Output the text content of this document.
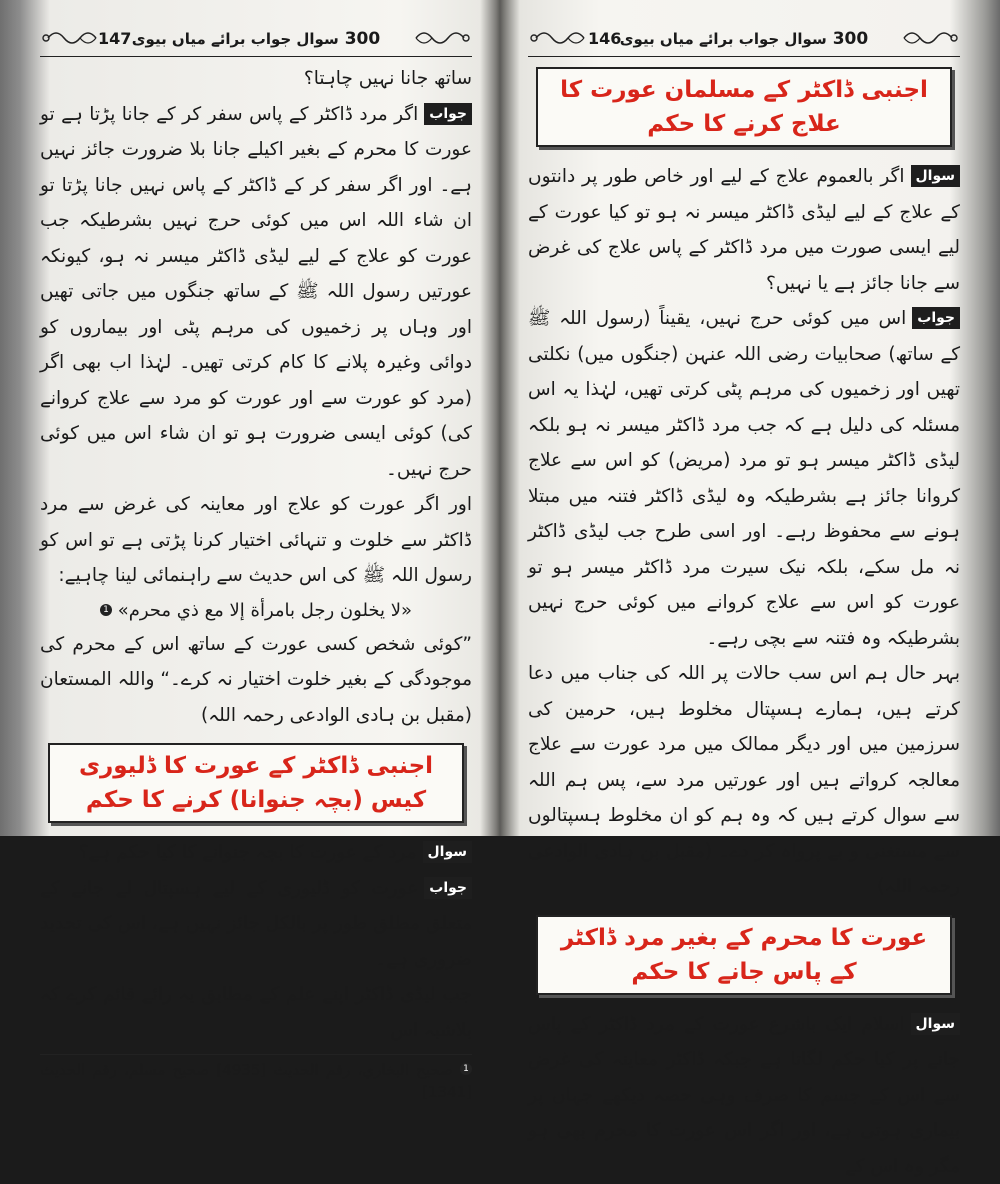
300
سوال جواب برائے میاں بیوی
147

ساتھ جانا نہیں چاہتا؟

جواباگر مرد ڈاکٹر کے پاس سفر کر کے جانا پڑتا ہے تو عورت کا محرم کے بغیر اکیلے جانا بلا ضرورت جائز نہیں ہے۔ اور اگر سفر کر کے ڈاکٹر کے پاس نہیں جانا پڑتا تو ان شاء اللہ اس میں کوئی حرج نہیں بشرطیکہ جب عورت کو علاج کے لیے لیڈی ڈاکٹر میسر نہ ہو، کیونکہ عورتیں رسول اللہ ﷺ کے ساتھ جنگوں میں جاتی تھیں اور وہاں پر زخمیوں کی مرہم پٹی اور بیماروں کو دوائی وغیرہ پلانے کا کام کرتی تھیں۔ لہٰذا اب بھی اگر (مرد کو عورت سے اور عورت کو مرد سے علاج کروانے کی) کوئی ایسی ضرورت ہو تو ان شاء اس میں کوئی حرج نہیں۔

اور اگر عورت کو علاج اور معاینہ کی غرض سے مرد ڈاکٹر سے خلوت و تنہائی اختیار کرنا پڑتی ہے تو اس کو رسول اللہ ﷺ کی اس حدیث سے راہنمائی لینا چاہیے:

«لا يخلون رجل بامرأة إلا مع ذي محرم» 1

”کوئی شخص کسی عورت کے ساتھ اس کے محرم کی موجودگی کے بغیر خلوت اختیار نہ کرے۔“ واللہ المستعان (مقبل بن ہادی الوادعی رحمہ اللہ)

اجنبی ڈاکٹر کے عورت کا ڈلیوری کیس (بچہ جنوانا) کرنے کا حکم

سوالمرد کے عورت کا بچہ جنوانے کا کیا حکم ہے؟

جوابعورت کو ڈلیوری کے لیے ہسپتال لے جانے کے متعلق مطلق طور پر بالکل جائز نہیں ہے، اس کی تحدید ضروری ہے۔

جب لیڈی ڈاکٹر اپنے علم کے مطابق یہ رائے قائم کرے کہ بلاشبہ اس

1 صحيح البخاري، رقم الحديث [4935] صحيح مسلم، رقم الحديث [1341]
300
سوال جواب برائے میاں بیوی
146
اجنبی ڈاکٹر کے مسلمان عورت کا علاج کرنے کا حکم

سوالاگر بالعموم علاج کے لیے اور خاص طور پر دانتوں کے علاج کے لیے لیڈی ڈاکٹر میسر نہ ہو تو کیا عورت کے لیے ایسی صورت میں مرد ڈاکٹر کے پاس علاج کی غرض سے جانا جائز ہے یا نہیں؟

جواباس میں کوئی حرج نہیں، یقیناً (رسول اللہ ﷺ کے ساتھ) صحابیات رضی اللہ عنہن (جنگوں میں) نکلتی تھیں اور زخمیوں کی مرہم پٹی کرتی تھیں، لہٰذا یہ اس مسئلہ کی دلیل ہے کہ جب مرد ڈاکٹر میسر نہ ہو بلکہ لیڈی ڈاکٹر میسر ہو تو مرد (مریض) کو اس سے علاج کروانا جائز ہے بشرطیکہ وہ لیڈی ڈاکٹر فتنہ میں مبتلا ہونے سے محفوظ رہے۔ اور اسی طرح جب لیڈی ڈاکٹر نہ مل سکے، بلکہ نیک سیرت مرد ڈاکٹر میسر ہو تو عورت کو اس سے علاج کروانے میں کوئی حرج نہیں بشرطیکہ وہ فتنہ سے بچی رہے۔

بہر حال ہم اس سب حالات پر اللہ کی جناب میں دعا کرتے ہیں، ہمارے ہسپتال مخلوط ہیں، حرمین کی سرزمین میں اور دیگر ممالک میں مرد عورت سے علاج معالجہ کرواتے ہیں اور عورتیں مرد سے، پس ہم اللہ سے سوال کرتے ہیں کہ وہ ہم کو ان مخلوط ہسپتالوں سے مستغنی و بے پرواہ کر دے۔ (مقبل بن ہادی الوادعی رحمہ اللہ)

عورت کا محرم کے بغیر مرد ڈاکٹر کے پاس جانے کا حکم

سوالاسلام ایک باشرع عورت کے مرد ڈاکٹر کے پاس جانے پر کیا حکم لگاتا ہے جبکہ ڈاکٹر معاینہ کی غرض سے اس کے جسم کا صرف وہی حصہ دیکھے جہاں پر بیماری ہوتی ہے، اور اگر اس عورت کا محرم بھی ہو مگر وہ اس کے
